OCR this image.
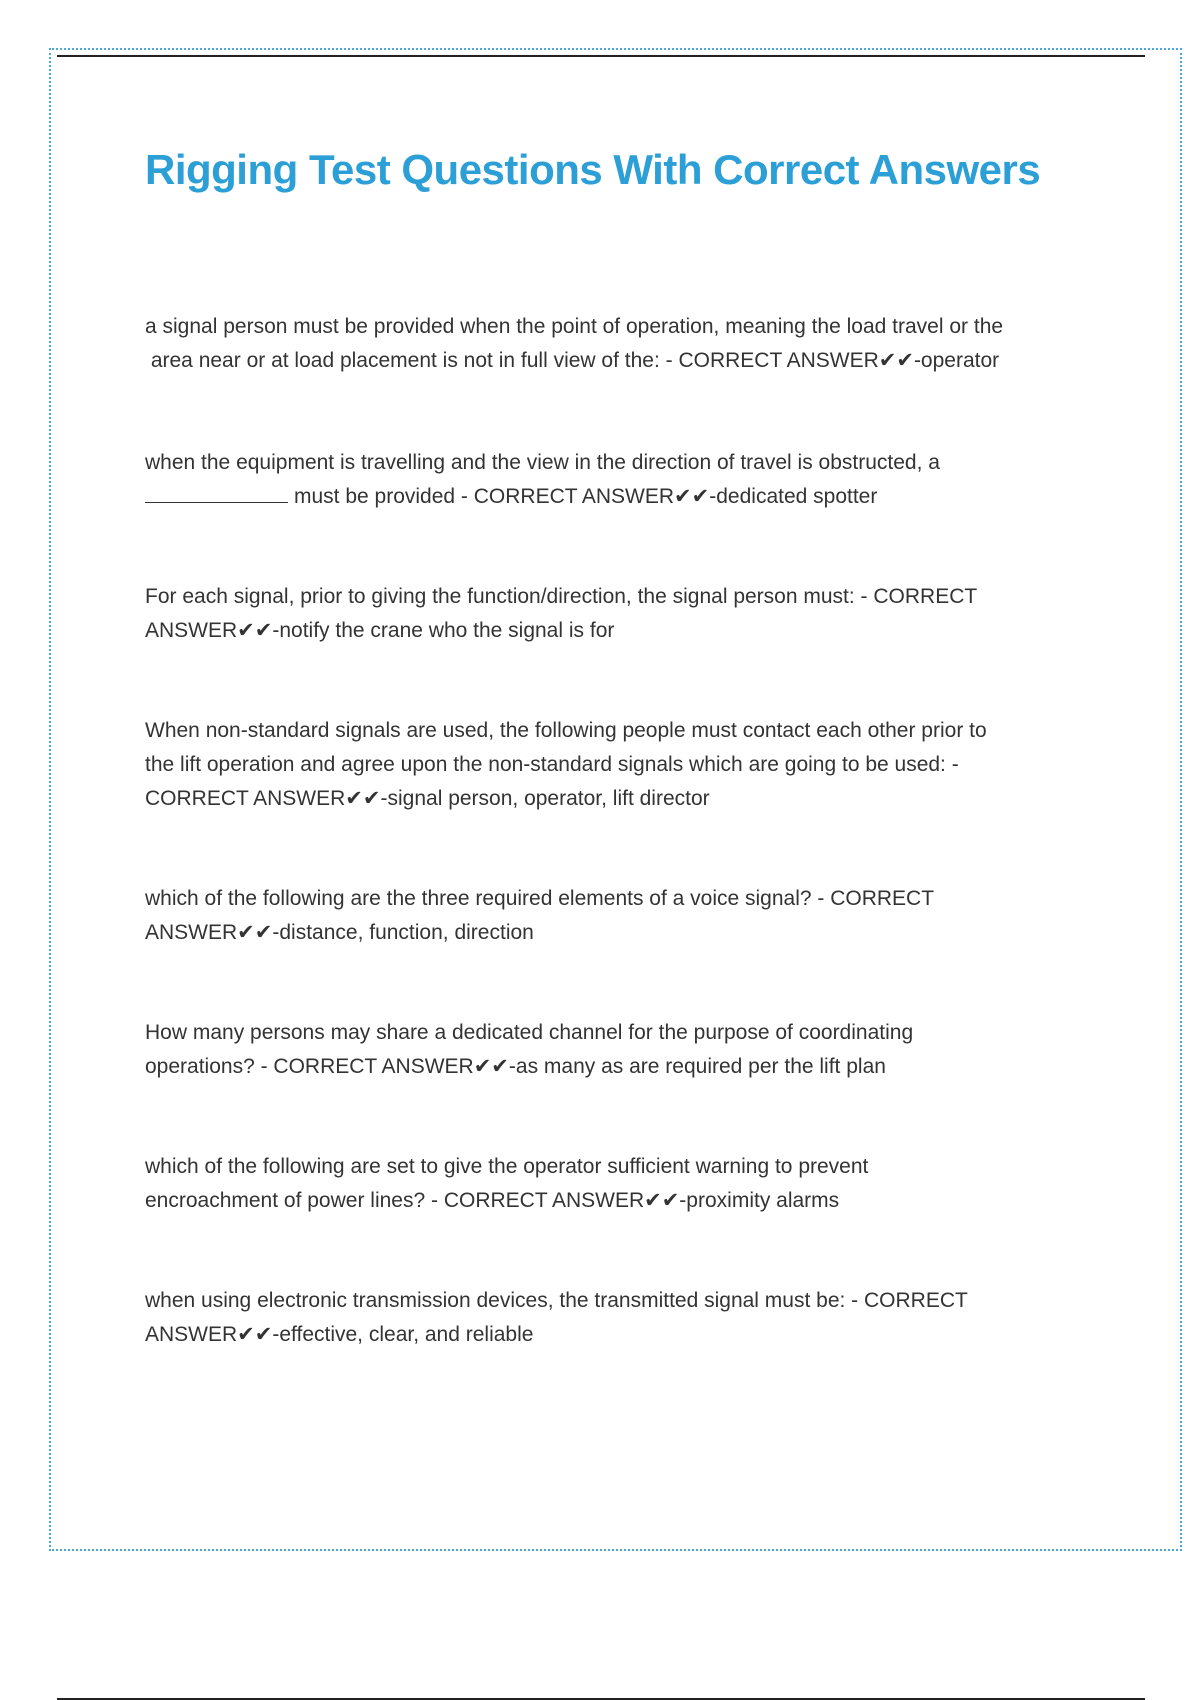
Rigging Test Questions With Correct Answers
a signal person must be provided when the point of operation, meaning the load travel or the
area near or at load placement is not in full view of the: - CORRECT ANSWER✔✔-operator
when the equipment is travelling and the view in the direction of travel is obstructed, a
must be provided - CORRECT ANSWER✔✔-dedicated spotter
For each signal, prior to giving the function/direction, the signal person must: - CORRECT
ANSWER✔✔-notify the crane who the signal is for
When non-standard signals are used, the following people must contact each other prior to
the lift operation and agree upon the non-standard signals which are going to be used: -
CORRECT ANSWER✔✔-signal person, operator, lift director
which of the following are the three required elements of a voice signal? - CORRECT
ANSWER✔✔-distance, function, direction
How many persons may share a dedicated channel for the purpose of coordinating
operations? - CORRECT ANSWER✔✔-as many as are required per the lift plan
which of the following are set to give the operator sufficient warning to prevent
encroachment of power lines? - CORRECT ANSWER✔✔-proximity alarms
when using electronic transmission devices, the transmitted signal must be: - CORRECT
ANSWER✔✔-effective, clear, and reliable
